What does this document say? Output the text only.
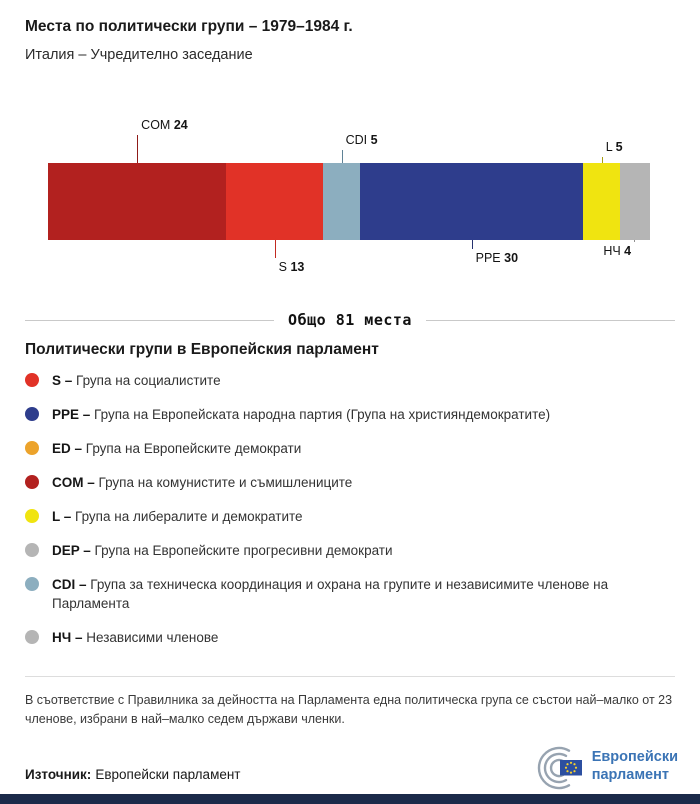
Места по политически групи – 1979–1984 г.
Италия – Учредително заседание
COM 24
CDI 5	L 5
S 13
PPE 30	НЧ 4
Общо 81 места
Политически групи в Европейския парламент
S – Група на социалистите
PPE – Група на Европейската народна партия (Група на християндемократите)
ED – Група на Европейските демократи
COM – Група на комунистите и съмишлениците
L – Група на либералите и демократите
DEP – Група на Европейските прогресивни демократи
CDI – Група за техническа координация и охрана на групите и независимите членове на Парламента
НЧ – Независими членове
В съответствие с Правилника за дейността на Парламента една политическа група се състои най–малко от 23 членове, избрани в най–малко седем държави членки.
Източник: Европейски парламент
Европейски
парламент
